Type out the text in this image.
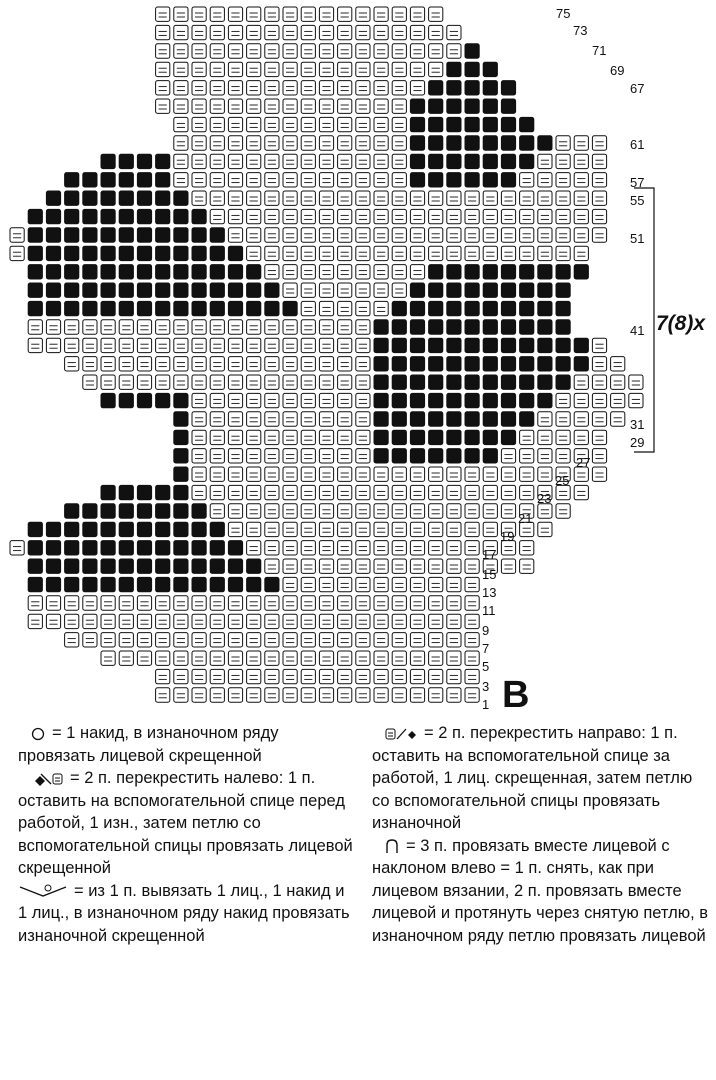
75
73
71
69
67
61
57
55
51
41
31
29
27
25
23
21
19
17
15
13
11
9
7
5
3
1
7(8)x
В
= 1 накид, в изнаночном ряду провязать лицевой скрещенной
= 2 п. перекрестить налево: 1 п. оставить на вспомогательной спице перед работой, 1 изн., затем петлю со вспомогательной спицы провязать лицевой скрещенной
= из 1 п. вывязать 1 лиц., 1 накид и 1 лиц., в изнаночном ряду накид провязать изнаночной скрещенной
= 2 п. перекрестить направо: 1 п. оставить на вспомогательной спице за работой, 1 лиц. скрещенная, затем петлю со вспомогательной спицы провязать изнаночной
= 3 п. провязать вместе лицевой с наклоном влево = 1 п. снять, как при лицевом вязании, 2 п. провязать вместе лицевой и протянуть через снятую петлю, в изнаночном ряду петлю провязать лицевой
